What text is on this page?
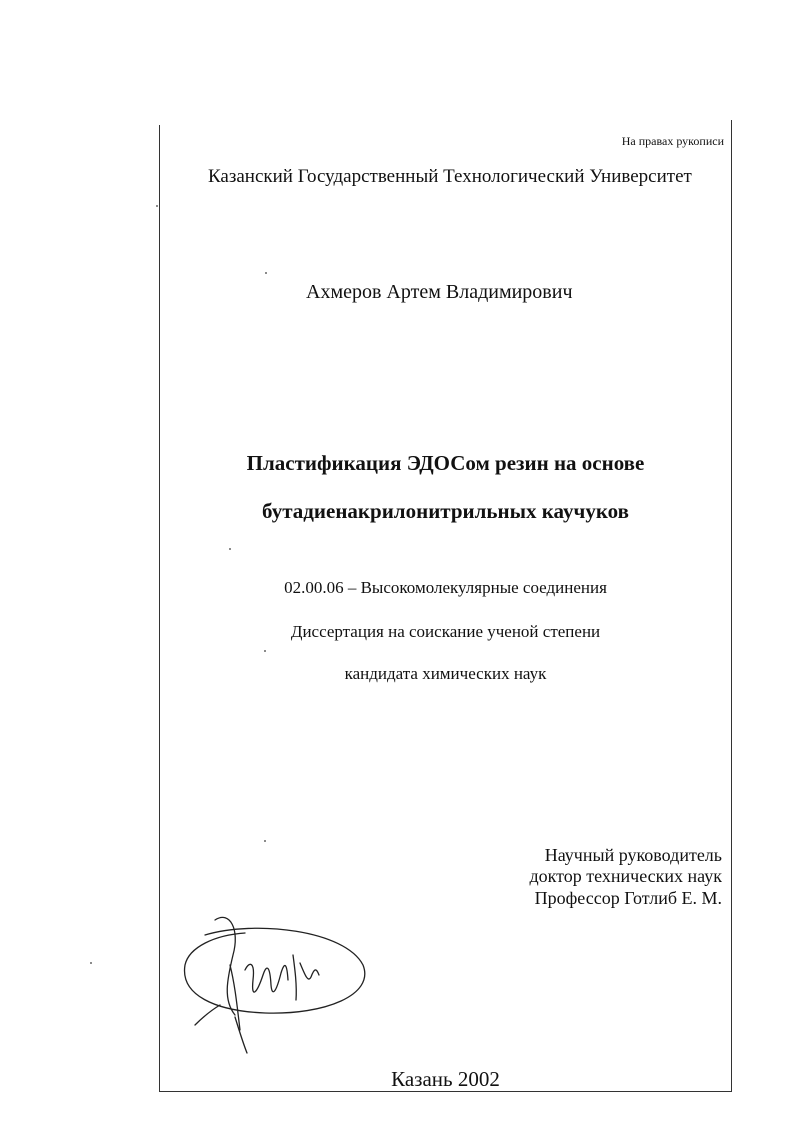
На правах рукописи
Казанский Государственный Технологический Университет
Ахмеров Артем Владимирович
Пластификация ЭДОСом резин на основе
бутадиенакрилонитрильных каучуков
02.00.06 – Высокомолекулярные соединения
Диссертация на соискание ученой степени
кандидата химических наук
Научный руководитель
доктор технических наук
Профессор Готлиб Е. М.
Казань 2002
